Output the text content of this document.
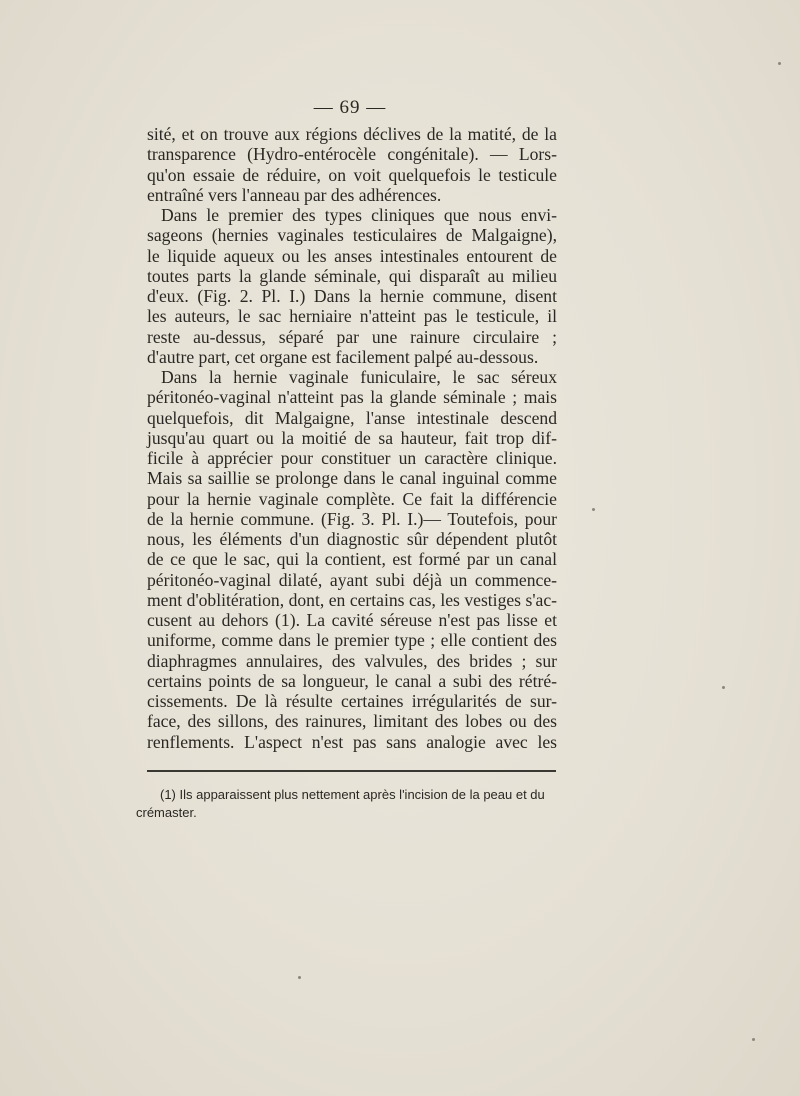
— 69 —
sité, et on trouve aux régions déclives de la matité, de la
transparence (Hydro-entérocèle congénitale). — Lors-
qu'on essaie de réduire, on voit quelquefois le testicule
entraîné vers l'anneau par des adhérences.
Dans le premier des types cliniques que nous envi-
sageons (hernies vaginales testiculaires de Malgaigne),
le liquide aqueux ou les anses intestinales entourent de
toutes parts la glande séminale, qui disparaît au milieu
d'eux. (Fig. 2. Pl. I.) Dans la hernie commune, disent
les auteurs, le sac herniaire n'atteint pas le testicule, il
reste au-dessus, séparé par une rainure circulaire ;
d'autre part, cet organe est facilement palpé au-dessous.
Dans la hernie vaginale funiculaire, le sac séreux
péritonéo-vaginal n'atteint pas la glande séminale ; mais
quelquefois, dit Malgaigne, l'anse intestinale descend
jusqu'au quart ou la moitié de sa hauteur, fait trop dif-
ficile à apprécier pour constituer un caractère clinique.
Mais sa saillie se prolonge dans le canal inguinal comme
pour la hernie vaginale complète. Ce fait la différencie
de la hernie commune. (Fig. 3. Pl. I.)— Toutefois, pour
nous, les éléments d'un diagnostic sûr dépendent plutôt
de ce que le sac, qui la contient, est formé par un canal
péritonéo-vaginal dilaté, ayant subi déjà un commence-
ment d'oblitération, dont, en certains cas, les vestiges s'ac-
cusent au dehors (1). La cavité séreuse n'est pas lisse et
uniforme, comme dans le premier type ; elle contient des
diaphragmes annulaires, des valvules, des brides ; sur
certains points de sa longueur, le canal a subi des rétré-
cissements. De là résulte certaines irrégularités de sur-
face, des sillons, des rainures, limitant des lobes ou des
renflements. L'aspect n'est pas sans analogie avec les
(1) Ils apparaissent plus nettement après l'incision de la peau et du
crémaster.
